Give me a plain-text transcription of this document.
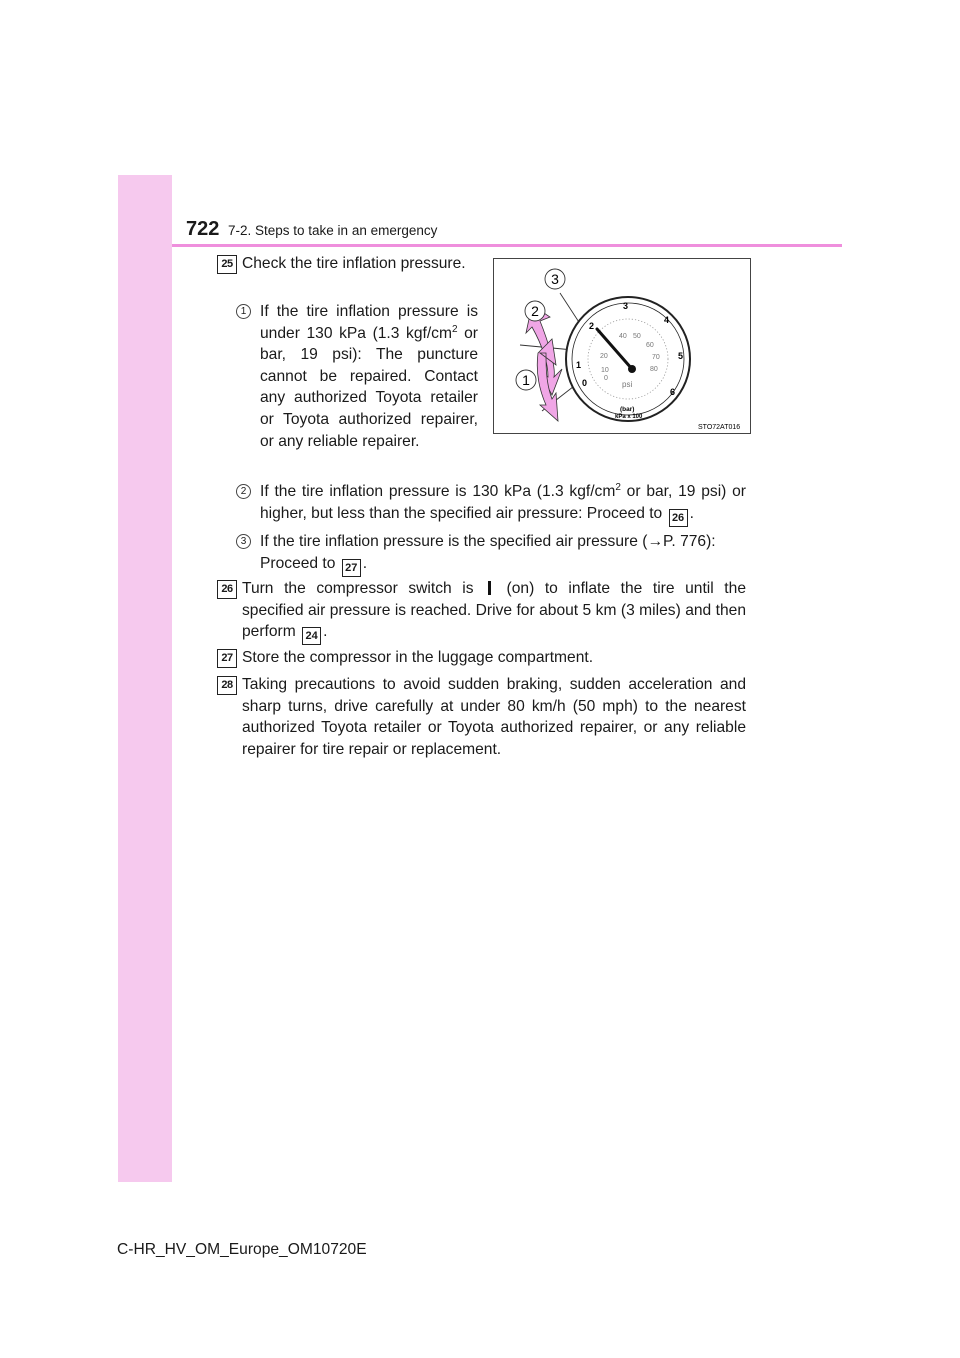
722 7-2. Steps to take in an emergency
25 Check the tire inflation pressure.
1 If the tire inflation pressure is under 130 kPa (1.3 kgf/$cm^2$ or bar, 19 psi): The puncture cannot be repaired. Contact any authorized Toyota retailer or Toyota authorized repairer, or any reliable repairer.
2 If the tire inflation pressure is 130 kPa (1.3 kgf/$cm^2$ or bar, 19 psi) or higher, but less than the specified air pressure: Proceed to 26 .
3 If the tire inflation pressure is the specified air pressure (→P. 776): Proceed to 27 .
26 Turn the compressor switch is (on) to inflate the tire until the specified air pressure is reached. Drive for about 5 km (3 miles) and then perform 24 .
27 Store the compressor in the luggage compartment.
28 Taking precautions to avoid sudden braking, sudden acceleration and sharp turns, drive carefully at under 80 km/h (50 mph) to the nearest authorized Toyota retailer or Toyota authorized repairer, or any reliable repairer for tire repair or replacement.
3
2
1	0
1
2
3
4
5
6
0
10
20
40 50
60
70
80
psi
(bar)
kPa x 100
STO72AT016
C-HR_HV_OM_Europe_OM10720E
